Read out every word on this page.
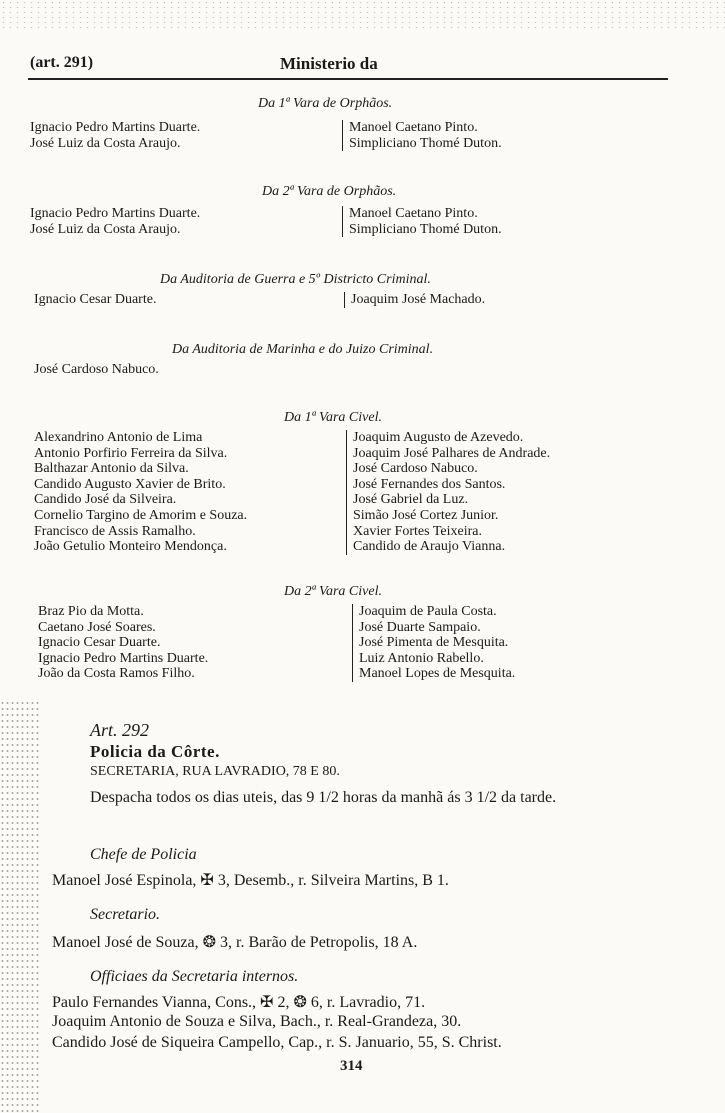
(art. 291)	Ministerio da
Da 1ª Vara de Orphãos.
Ignacio Pedro Martins Duarte.
José Luiz da Costa Araujo.
Manoel Caetano Pinto.
Simpliciano Thomé Duton.
Da 2ª Vara de Orphãos.
Ignacio Pedro Martins Duarte.
José Luiz da Costa Araujo.
Manoel Caetano Pinto.
Simpliciano Thomé Duton.
Da Auditoria de Guerra e 5º Districto Criminal.
Ignacio Cesar Duarte.	Joaquim José Machado.
Da Auditoria de Marinha e do Juizo Criminal.
José Cardoso Nabuco.
Da 1ª Vara Civel.
Alexandrino Antonio de Lima
Antonio Porfirio Ferreira da Silva.
Balthazar Antonio da Silva.
Candido Augusto Xavier de Brito.
Candido José da Silveira.
Cornelio Targino de Amorim e Souza.
Francisco de Assis Ramalho.
João Getulio Monteiro Mendonça.
Joaquim Augusto de Azevedo.
Joaquim José Palhares de Andrade.
José Cardoso Nabuco.
José Fernandes dos Santos.
José Gabriel da Luz.
Simão José Cortez Junior.
Xavier Fortes Teixeira.
Candido de Araujo Vianna.
Da 2ª Vara Civel.
Braz Pio da Motta.
Caetano José Soares.
Ignacio Cesar Duarte.
Ignacio Pedro Martins Duarte.
João da Costa Ramos Filho.
Joaquim de Paula Costa.
José Duarte Sampaio.
José Pimenta de Mesquita.
Luiz Antonio Rabello.
Manoel Lopes de Mesquita.
Art. 292
Policia da Côrte.
SECRETARIA, RUA LAVRADIO, 78 E 80.
Despacha todos os dias uteis, das 9 1/2 horas da manhã ás 3 1/2 da tarde.
Chefe de Policia
Manoel José Espinola, ✠ 3, Desemb., r. Silveira Martins, B 1.
Secretario.
Manoel José de Souza, ❂ 3, r. Barão de Petropolis, 18 A.
Officiaes da Secretaria internos.
Paulo Fernandes Vianna, Cons., ✠ 2, ❂ 6, r. Lavradio, 71.
Joaquim Antonio de Souza e Silva, Bach., r. Real-Grandeza, 30.
Candido José de Siqueira Campello, Cap., r. S. Januario, 55, S. Christ.
314
